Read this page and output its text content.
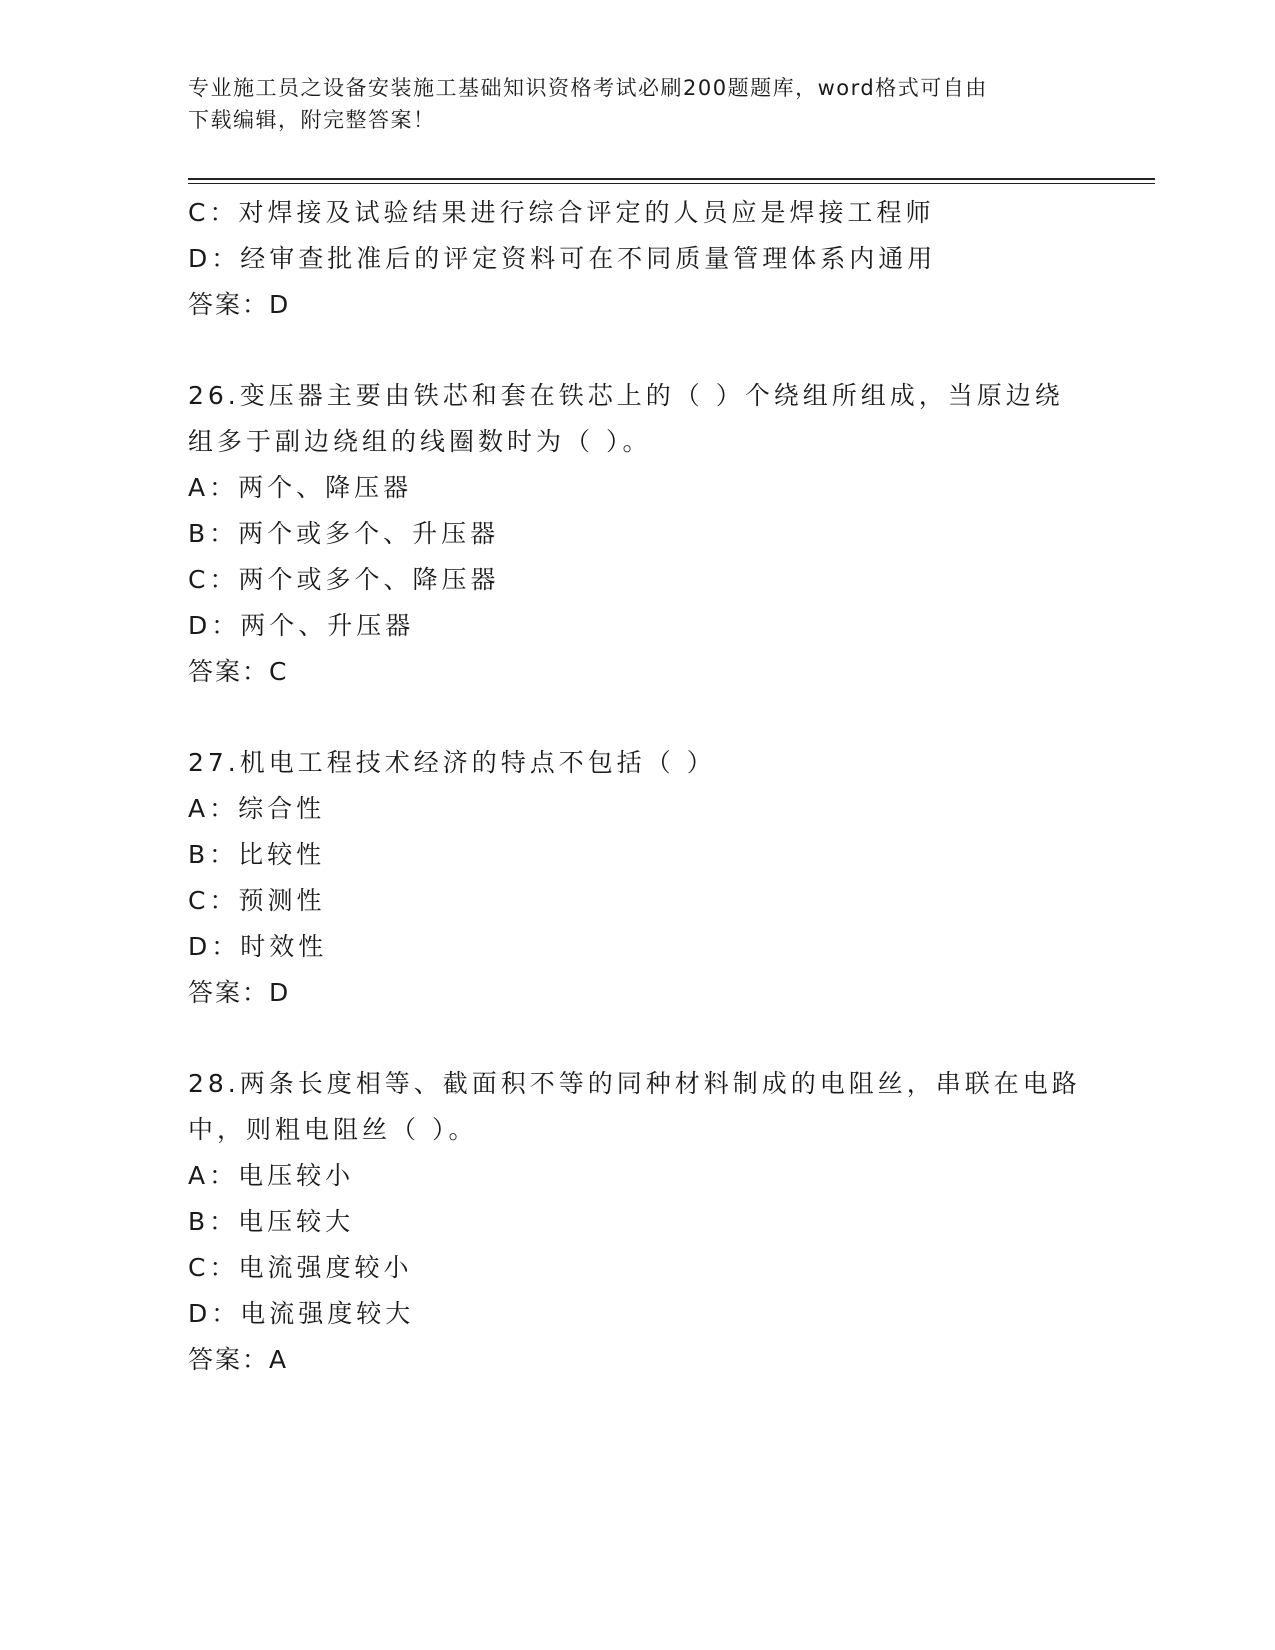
专业施工员之设备安装施工基础知识资格考试必刷200题题库，word格式可自由
下载编辑，附完整答案！
C：对焊接及试验结果进行综合评定的人员应是焊接工程师
D：经审查批准后的评定资料可在不同质量管理体系内通用
答案：D
26.变压器主要由铁芯和套在铁芯上的（ ）个绕组所组成，当原边绕
组多于副边绕组的线圈数时为（ ）。
A：两个、降压器
B：两个或多个、升压器
C：两个或多个、降压器
D：两个、升压器
答案：C
27.机电工程技术经济的特点不包括（ ）
A：综合性
B：比较性
C：预测性
D：时效性
答案：D
28.两条长度相等、截面积不等的同种材料制成的电阻丝，串联在电路
中，则粗电阻丝（ ）。
A：电压较小
B：电压较大
C：电流强度较小
D：电流强度较大
答案：A
